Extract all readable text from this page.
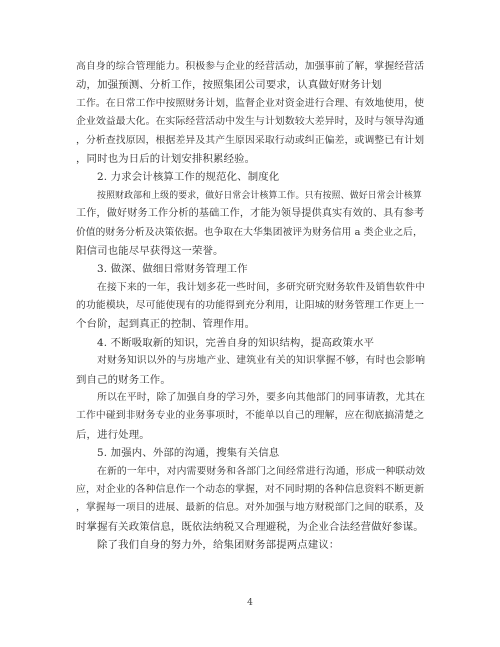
高自身的综合管理能力。积极参与企业的经营活动，加强事前了解，掌握经营活
动，加强预测、分析工作，按照集团公司要求，认真做好财务计划
工作。在日常工作中按照财务计划，监督企业对资金进行合理、有效地使用，使
企业效益最大化。在实际经营活动中发生与计划数较大差异时，及时与领导沟通
，分析查找原因，根据差异及其产生原因采取行动或纠正偏差，或调整已有计划
，同时也为日后的计划安排积累经验。
2. 力求会计核算工作的规范化、制度化
按照财政部和上级的要求，做好日常会计核算工作。只有按照、做好日常会计核算
工作，做好财务工作分析的基础工作，才能为领导提供真实有效的、具有参考
价值的财务分析及决策依据。也争取在大华集团被评为财务信用 a 类企业之后，
阳信司也能尽早获得这一荣誉。
3. 做深、做细日常财务管理工作
在接下来的一年，我计划多花一些时间，多研究研究财务软件及销售软件中
的功能模块，尽可能使现有的功能得到充分利用，让阳城的财务管理工作更上一
个台阶，起到真正的控制、管理作用。
4. 不断吸取新的知识，完善自身的知识结构，提高政策水平
对财务知识以外的与房地产业、建筑业有关的知识掌握不够，有时也会影响
到自己的财务工作。
所以在平时，除了加强自身的学习外，要多向其他部门的同事请教，尤其在
工作中碰到非财务专业的业务事项时，不能单以自己的理解，应在彻底搞清楚之
后，进行处理。
5. 加强内、外部的沟通，搜集有关信息
在新的一年中，对内需要财务和各部门之间经常进行沟通，形成一种联动效
应，对企业的各种信息作一个动态的掌握，对不同时期的各种信息资料不断更新
，掌握每一项目的进展、最新的信息。对外加强与地方财税部门之间的联系，及
时掌握有关政策信息，既依法纳税又合理避税，为企业合法经营做好参谋。
除了我们自身的努力外，给集团财务部提两点建议：
4
